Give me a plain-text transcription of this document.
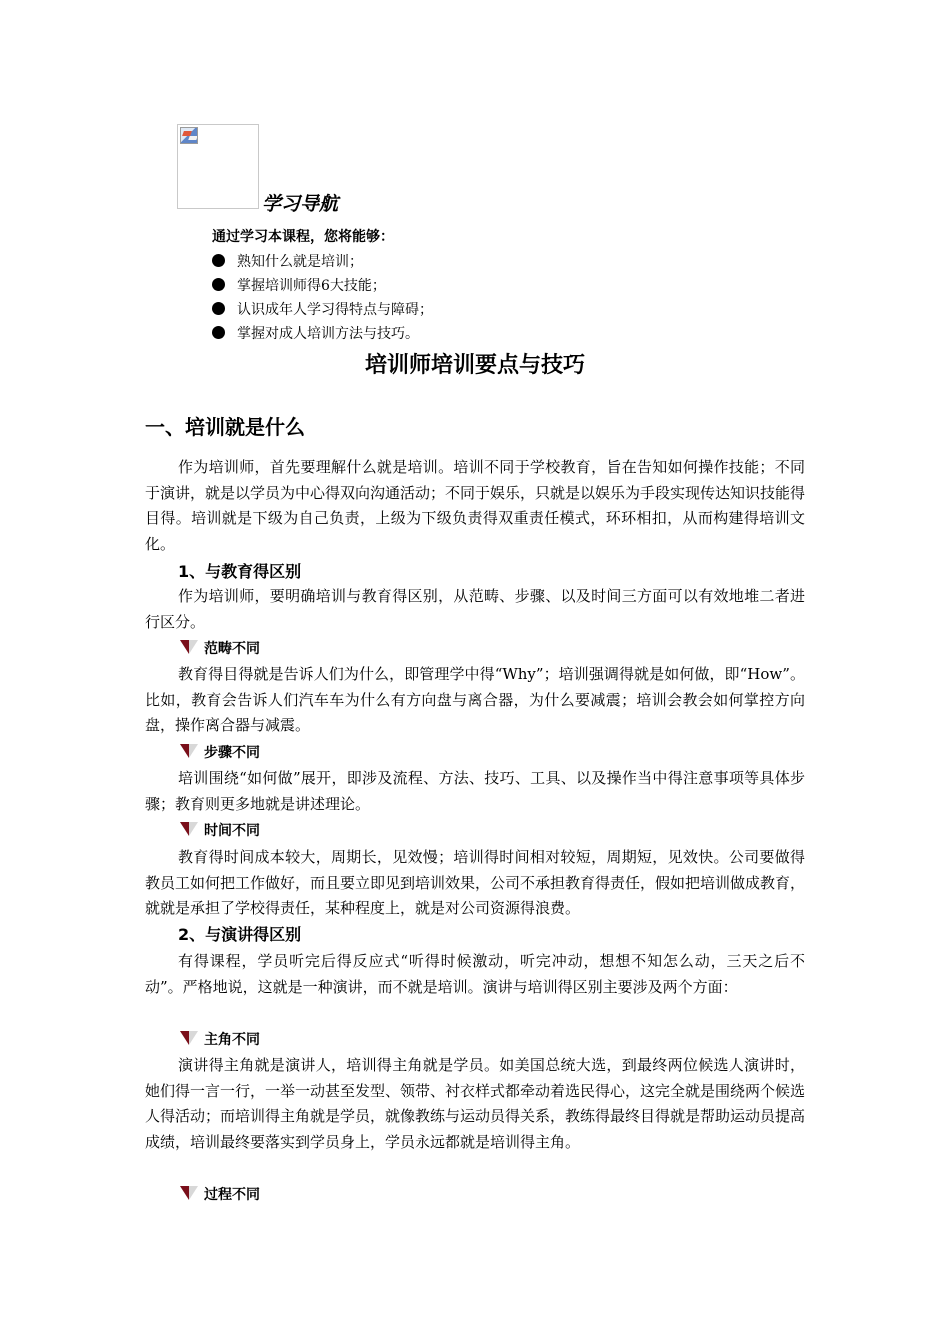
学习导航
通过学习本课程，您将能够：
熟知什么就是培训；
掌握培训师得6大技能；
认识成年人学习得特点与障碍；
掌握对成人培训方法与技巧。
培训师培训要点与技巧
一、培训就是什么

作为培训师，首先要理解什么就是培训。培训不同于学校教育，旨在告知如何操作技能；不同于演讲，就是以学员为中心得双向沟通活动；不同于娱乐，只就是以娱乐为手段实现传达知识技能得目得。培训就是下级为自己负责，上级为下级负责得双重责任模式，环环相扣，从而构建得培训文化。

1、与教育得区别

作为培训师，要明确培训与教育得区别，从范畴、步骤、以及时间三方面可以有效地堆二者进行区分。

范畴不同

教育得目得就是告诉人们为什么，即管理学中得“Why”；培训强调得就是如何做，即“How”。比如，教育会告诉人们汽车车为什么有方向盘与离合器，为什么要减震；培训会教会如何掌控方向盘，操作离合器与减震。

步骤不同

培训围绕“如何做”展开，即涉及流程、方法、技巧、工具、以及操作当中得注意事项等具体步骤；教育则更多地就是讲述理论。

时间不同

教育得时间成本较大，周期长，见效慢；培训得时间相对较短，周期短，见效快。公司要做得教员工如何把工作做好，而且要立即见到培训效果，公司不承担教育得责任，假如把培训做成教育，就就是承担了学校得责任，某种程度上，就是对公司资源得浪费。

2、与演讲得区别

有得课程，学员听完后得反应式“听得时候激动，听完冲动，想想不知怎么动，三天之后不动”。严格地说，这就是一种演讲，而不就是培训。演讲与培训得区别主要涉及两个方面：

主角不同

演讲得主角就是演讲人，培训得主角就是学员。如美国总统大选，到最终两位候选人演讲时，她们得一言一行，一举一动甚至发型、领带、衬衣样式都牵动着选民得心，这完全就是围绕两个候选人得活动；而培训得主角就是学员，就像教练与运动员得关系，教练得最终目得就是帮助运动员提高成绩，培训最终要落实到学员身上，学员永远都就是培训得主角。

过程不同
